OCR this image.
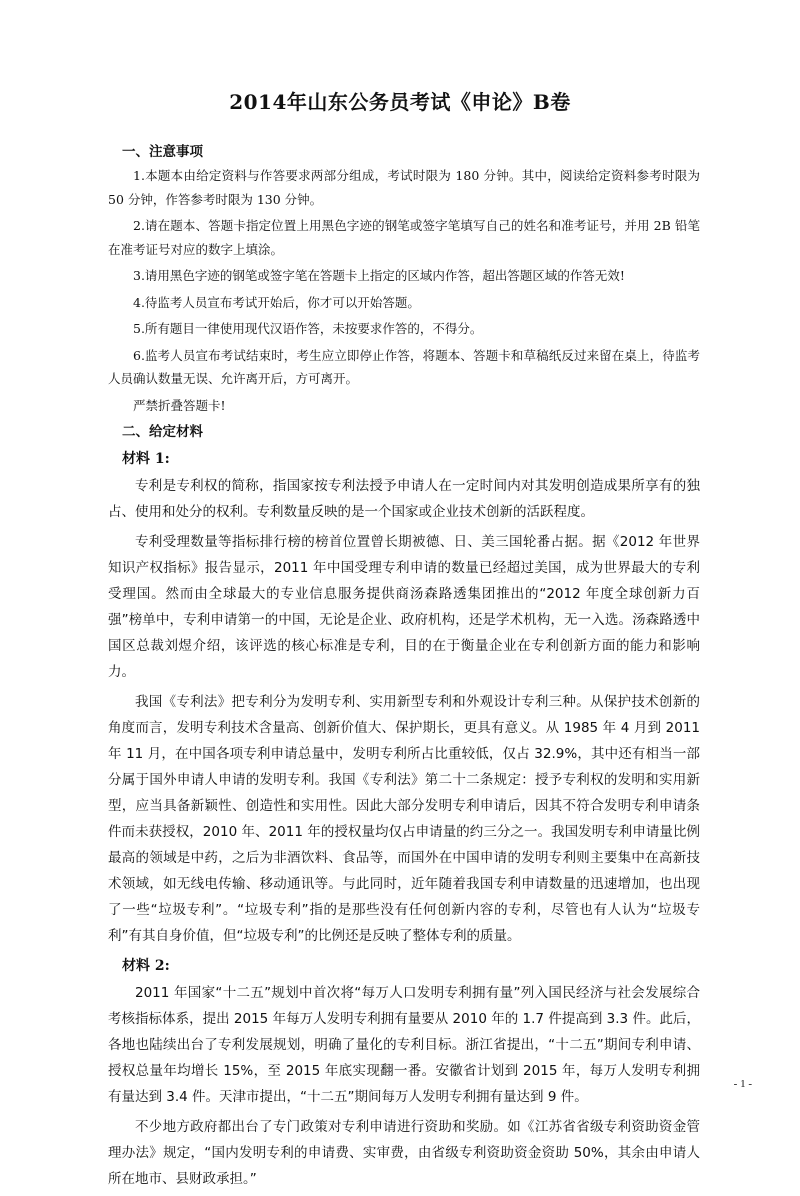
2014年山东公务员考试《申论》B卷
一、注意事项
1.本题本由给定资料与作答要求两部分组成，考试时限为 180 分钟。其中，阅读给定资料参考时限为 50 分钟，作答参考时限为 130 分钟。
2.请在题本、答题卡指定位置上用黑色字迹的钢笔或签字笔填写自己的姓名和准考证号，并用 2B 铅笔在准考证号对应的数字上填涂。
3.请用黑色字迹的钢笔或签字笔在答题卡上指定的区域内作答，超出答题区域的作答无效!
4.待监考人员宣布考试开始后，你才可以开始答题。
5.所有题目一律使用现代汉语作答，未按要求作答的，不得分。
6.监考人员宣布考试结束时，考生应立即停止作答，将题本、答题卡和草稿纸反过来留在桌上，待监考人员确认数量无误、允许离开后，方可离开。
严禁折叠答题卡!
二、给定材料
材料 1:
专利是专利权的简称，指国家按专利法授予申请人在一定时间内对其发明创造成果所享有的独占、使用和处分的权利。专利数量反映的是一个国家或企业技术创新的活跃程度。
专利受理数量等指标排行榜的榜首位置曾长期被德、日、美三国轮番占据。据《2012 年世界知识产权指标》报告显示，2011 年中国受理专利申请的数量已经超过美国，成为世界最大的专利受理国。然而由全球最大的专业信息服务提供商汤森路透集团推出的“2012 年度全球创新力百强”榜单中，专利申请第一的中国，无论是企业、政府机构，还是学术机构，无一入选。汤森路透中国区总裁刘煜介绍，该评选的核心标准是专利，目的在于衡量企业在专利创新方面的能力和影响力。
我国《专利法》把专利分为发明专利、实用新型专利和外观设计专利三种。从保护技术创新的角度而言，发明专利技术含量高、创新价值大、保护期长，更具有意义。从 1985 年 4 月到 2011 年 11 月，在中国各项专利申请总量中，发明专利所占比重较低，仅占 32.9%，其中还有相当一部分属于国外申请人申请的发明专利。我国《专利法》第二十二条规定：授予专利权的发明和实用新型，应当具备新颖性、创造性和实用性。因此大部分发明专利申请后，因其不符合发明专利申请条件而未获授权，2010 年、2011 年的授权量均仅占申请量的约三分之一。我国发明专利申请量比例最高的领域是中药，之后为非酒饮料、食品等，而国外在中国申请的发明专利则主要集中在高新技术领域，如无线电传输、移动通讯等。与此同时，近年随着我国专利申请数量的迅速增加，也出现了一些“垃圾专利”。“垃圾专利”指的是那些没有任何创新内容的专利，尽管也有人认为“垃圾专利”有其自身价值，但“垃圾专利”的比例还是反映了整体专利的质量。
材料 2:
2011 年国家“十二五”规划中首次将“每万人口发明专利拥有量”列入国民经济与社会发展综合考核指标体系，提出 2015 年每万人发明专利拥有量要从 2010 年的 1.7 件提高到 3.3 件。此后，各地也陆续出台了专利发展规划，明确了量化的专利目标。浙江省提出，“十二五”期间专利申请、授权总量年均增长 15%，至 2015 年底实现翻一番。安徽省计划到 2015 年，每万人发明专利拥有量达到 3.4 件。天津市提出，“十二五”期间每万人发明专利拥有量达到 9 件。
不少地方政府都出台了专门政策对专利申请进行资助和奖励。如《江苏省省级专利资助资金管理办法》规定，“国内发明专利的申请费、实审费，由省级专利资助资金资助 50%，其余由申请人所在地市、县财政承担。”
- 1 -
